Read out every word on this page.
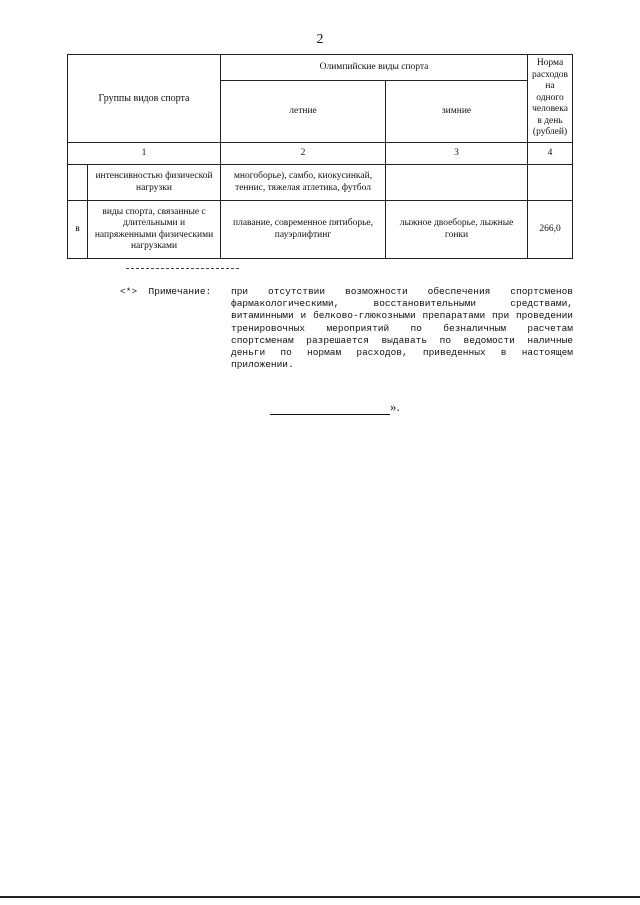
2
Группы видов спорта		Олимпийские виды спорта		Норма расходов на одного человека в день (рублей)
		летние	зимние	
1		2	3	4
	интенсивностью физической нагрузки	многоборье), самбо, киокусинкай, теннис, тяжелая атлетика, футбол		
в	виды спорта, связанные с длительными и напряженными физическими нагрузками	плавание, современное пятиборье, пауэрлифтинг	лыжное двоеборье, лыжные гонки	266,0
<*>  Примечание:	при отсутствии возможности обеспечения спортсменов фармакологическими, восстановительными средствами, витаминными и белково-глюкозными препаратами при проведении тренировочных мероприятий по безналичным расчетам спортсменам разрешается выдавать по ведомости наличные деньги по нормам расходов, приведенных в настоящем приложении.
».
